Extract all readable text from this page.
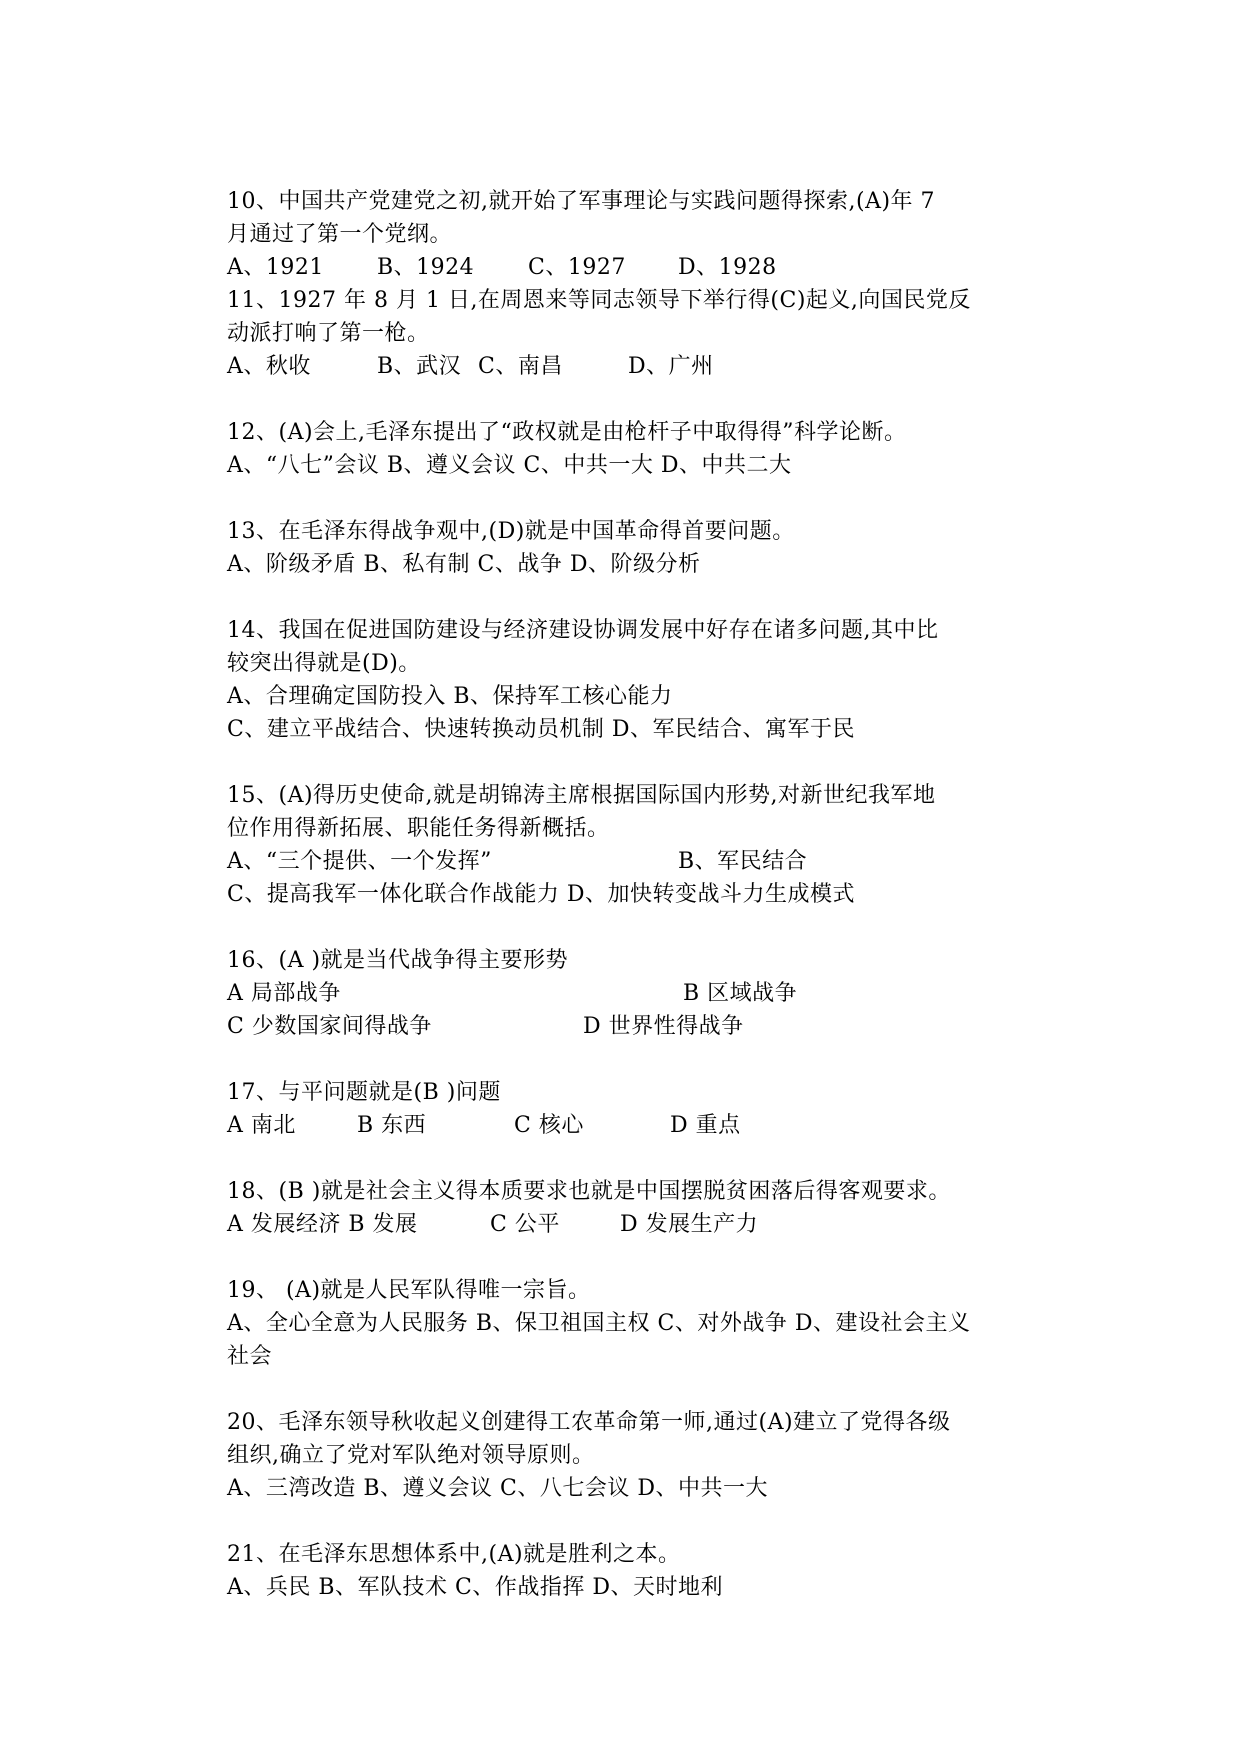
10、中国共产党建党之初,就开始了军事理论与实践问题得探索,(A)年 7
月通过了第一个党纲。
A、1921 B、1924 C、1927 D、1928
11、1927 年 8 月 1 日,在周恩来等同志领导下举行得(C)起义,向国民党反
动派打响了第一枪。
A、秋收	B、武汉 C、南昌	D、广州
12、(A)会上,毛泽东提出了“政权就是由枪杆子中取得得”科学论断。
A、“八七”会议 B、遵义会议 C、中共一大 D、中共二大
13、在毛泽东得战争观中,(D)就是中国革命得首要问题。
A、阶级矛盾 B、私有制 C、战争 D、阶级分析
14、我国在促进国防建设与经济建设协调发展中好存在诸多问题,其中比
较突出得就是(D)。
A、合理确定国防投入 B、保持军工核心能力
C、建立平战结合、快速转换动员机制 D、军民结合、寓军于民
15、(A)得历史使命,就是胡锦涛主席根据国际国内形势,对新世纪我军地
位作用得新拓展、职能任务得新概括。
A、“三个提供、一个发挥”	B、军民结合
C、提高我军一体化联合作战能力 D、加快转变战斗力生成模式
16、(A )就是当代战争得主要形势
A 局部战争	B 区域战争
C 少数国家间得战争	D 世界性得战争
17、与平问题就是(B )问题
A 南北	B 东西	C 核心	D 重点
18、(B )就是社会主义得本质要求也就是中国摆脱贫困落后得客观要求。
A 发展经济 B 发展	C 公平	D 发展生产力
19、 (A)就是人民军队得唯一宗旨。
A、全心全意为人民服务 B、保卫祖国主权 C、对外战争 D、建设社会主义
社会
20、毛泽东领导秋收起义创建得工农革命第一师,通过(A)建立了党得各级
组织,确立了党对军队绝对领导原则。
A、三湾改造 B、遵义会议 C、八七会议 D、中共一大
21、在毛泽东思想体系中,(A)就是胜利之本。
A、兵民 B、军队技术 C、作战指挥 D、天时地利
